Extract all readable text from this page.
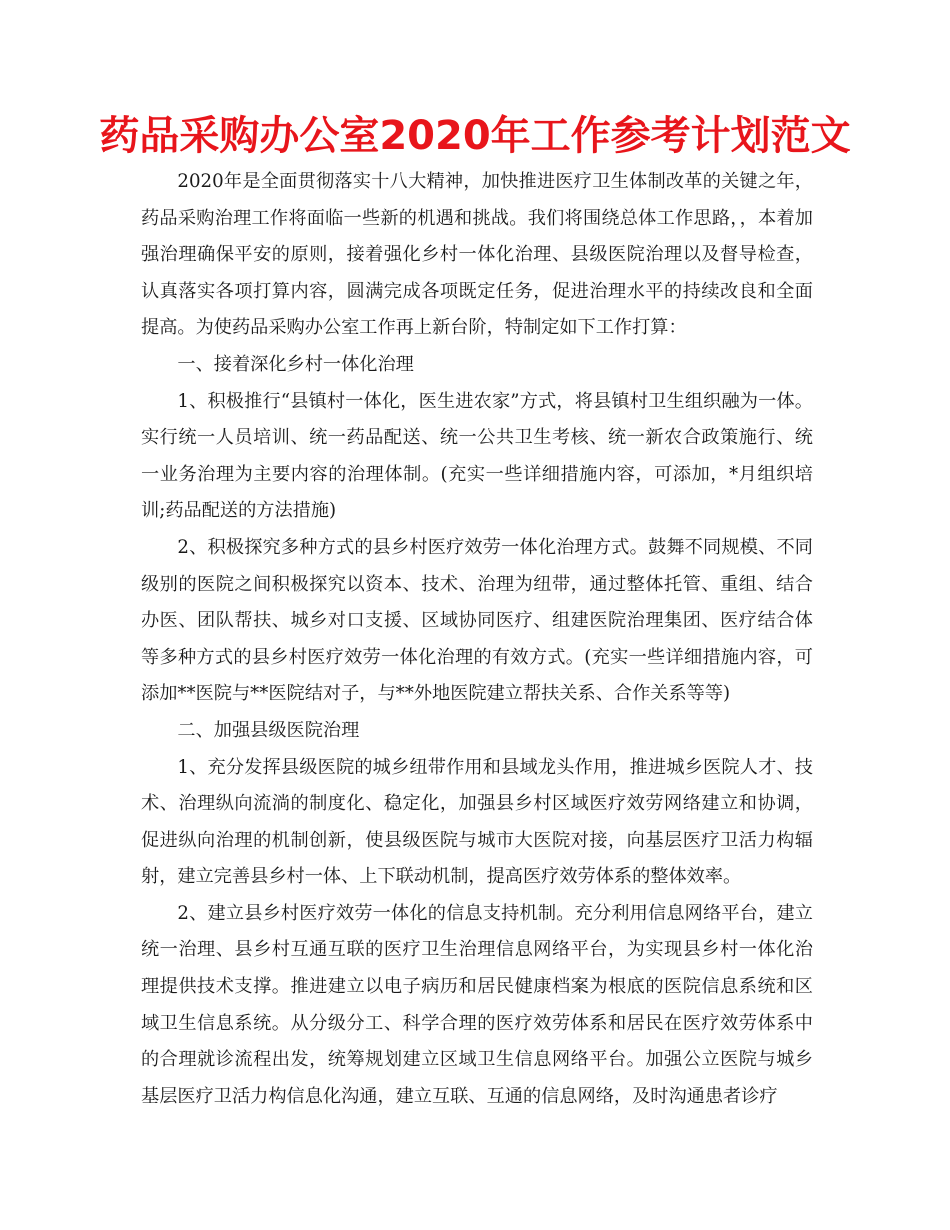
药品采购办公室2020年工作参考计划范文

2020年是全面贯彻落实十八大精神，加快推进医疗卫生体制改革的关键之年，药品采购治理工作将面临一些新的机遇和挑战。我们将围绕总体工作思路，，本着加强治理确保平安的原则，接着强化乡村一体化治理、县级医院治理以及督导检查，认真落实各项打算内容，圆满完成各项既定任务，促进治理水平的持续改良和全面提高。为使药品采购办公室工作再上新台阶，特制定如下工作打算：

一、接着深化乡村一体化治理

1、积极推行“县镇村一体化，医生进农家”方式，将县镇村卫生组织融为一体。实行统一人员培训、统一药品配送、统一公共卫生考核、统一新农合政策施行、统一业务治理为主要内容的治理体制。(充实一些详细措施内容，可添加，*月组织培训;药品配送的方法措施)

2、积极探究多种方式的县乡村医疗效劳一体化治理方式。鼓舞不同规模、不同级别的医院之间积极探究以资本、技术、治理为纽带，通过整体托管、重组、结合办医、团队帮扶、城乡对口支援、区域协同医疗、组建医院治理集团、医疗结合体等多种方式的县乡村医疗效劳一体化治理的有效方式。(充实一些详细措施内容，可添加**医院与**医院结对子，与**外地医院建立帮扶关系、合作关系等等)

二、加强县级医院治理

1、充分发挥县级医院的城乡纽带作用和县域龙头作用，推进城乡医院人才、技术、治理纵向流淌的制度化、稳定化，加强县乡村区域医疗效劳网络建立和协调，促进纵向治理的机制创新，使县级医院与城市大医院对接，向基层医疗卫活力构辐射，建立完善县乡村一体、上下联动机制，提高医疗效劳体系的整体效率。

2、建立县乡村医疗效劳一体化的信息支持机制。充分利用信息网络平台，建立统一治理、县乡村互通互联的医疗卫生治理信息网络平台，为实现县乡村一体化治理提供技术支撑。推进建立以电子病历和居民健康档案为根底的医院信息系统和区域卫生信息系统。从分级分工、科学合理的医疗效劳体系和居民在医疗效劳体系中的合理就诊流程出发，统筹规划建立区域卫生信息网络平台。加强公立医院与城乡基层医疗卫活力构信息化沟通，建立互联、互通的信息网络，及时沟通患者诊疗
